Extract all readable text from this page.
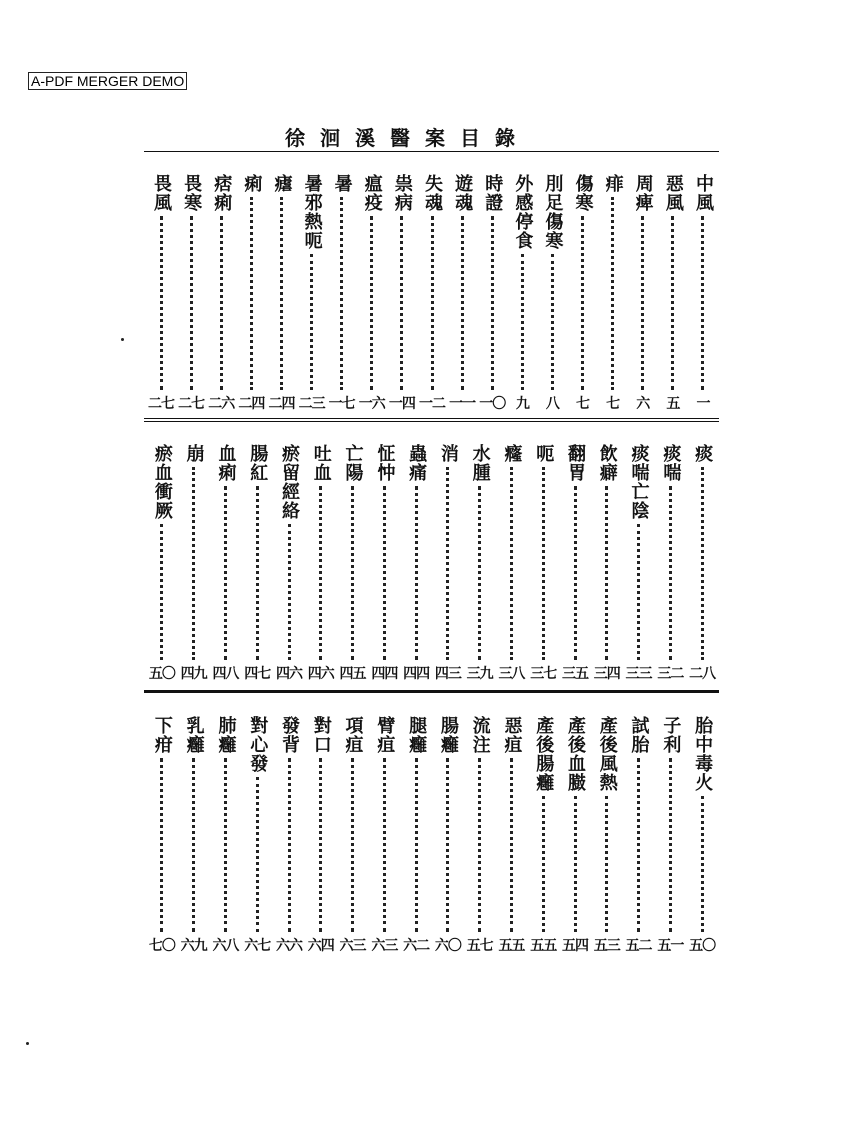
A-PDF MERGER DEMO
徐洄溪醫案目錄
中風
一
惡風
五
周痺
六
痱
七
傷寒
七
刖足傷寒
八
外感停食
九
時證
一〇
遊魂
一一
失魂
一二
祟病
一四
瘟疫
一六
暑
一七
暑邪熱呃
二三
瘧
二四
痢
二四
痞痢
二六
畏寒
二七
畏風
二七
痰
二八
痰喘
三二
痰喘亡陰
三三
飲癖
三四
翻胃
三五
呃
三七
癃
三八
水腫
三九
消
四三
蟲痛
四四
怔忡
四四
亡陽
四五
吐血
四六
瘀留經絡
四六
腸紅
四七
血痢
四八
崩
四九
瘀血衝厥
五〇
胎中毒火
五〇
子利
五一
試胎
五二
產後風熱
五三
產後血臌
五四
產後腸癰
五五
惡疽
五五
流注
五七
腸癰
六〇
腿癰
六二
臂疽
六三
項疽
六三
對口
六四
發背
六六
對心發
六七
肺癰
六八
乳癰
六九
下疳
七〇
